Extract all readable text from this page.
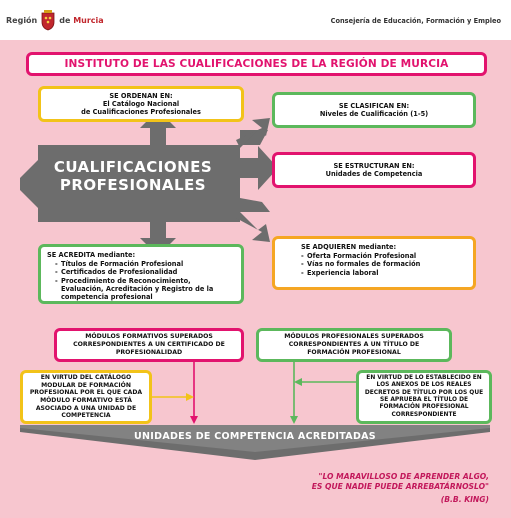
Región	de Murcia	Consejería de Educación, Formación y Empleo
INSTITUTO DE LAS CUALIFICACIONES DE LA REGIÓN DE MURCIA
CUALIFICACIONES
PROFESIONALES
SE ORDENAN EN:
El Catálogo Nacional
de Cualificaciones Profesionales
SE CLASIFICAN EN:
Niveles de Cualificación (1-5)
SE ESTRUCTURAN EN:
Unidades de Competencia
SE ACREDITA mediante:
- Títulos de Formación Profesional
- Certificados de Profesionalidad
- Procedimiento de Reconocimiento, Evaluación, Acreditación y Registro de la competencia profesional
SE ADQUIEREN mediante:
- Oferta Formación Profesional
- Vías no formales de formación
- Experiencia laboral
MÓDULOS FORMATIVOS SUPERADOS CORRESPONDIENTES A UN CERTIFICADO DE PROFESIONALIDAD
MÓDULOS PROFESIONALES SUPERADOS CORRESPONDIENTES A UN TÍTULO DE FORMACIÓN PROFESIONAL
EN VIRTUD DEL CATÁLOGO MODULAR DE FORMACIÓN PROFESIONAL POR EL QUE CADA MÓDULO FORMATIVO ESTÁ ASOCIADO A UNA UNIDAD DE COMPETENCIA
EN VIRTUD DE LO ESTABLECIDO EN LOS ANEXOS DE LOS REALES DECRETOS DE TÍTULO POR LOS QUE SE APRUEBA EL TÍTULO DE FORMACIÓN PROFESIONAL CORRESPONDIENTE
UNIDADES DE COMPETENCIA ACREDITADAS
"LO MARAVILLOSO DE APRENDER ALGO,
ES QUE NADIE PUEDE ARREBATÁRNOSLO"
(B.B. KING)
